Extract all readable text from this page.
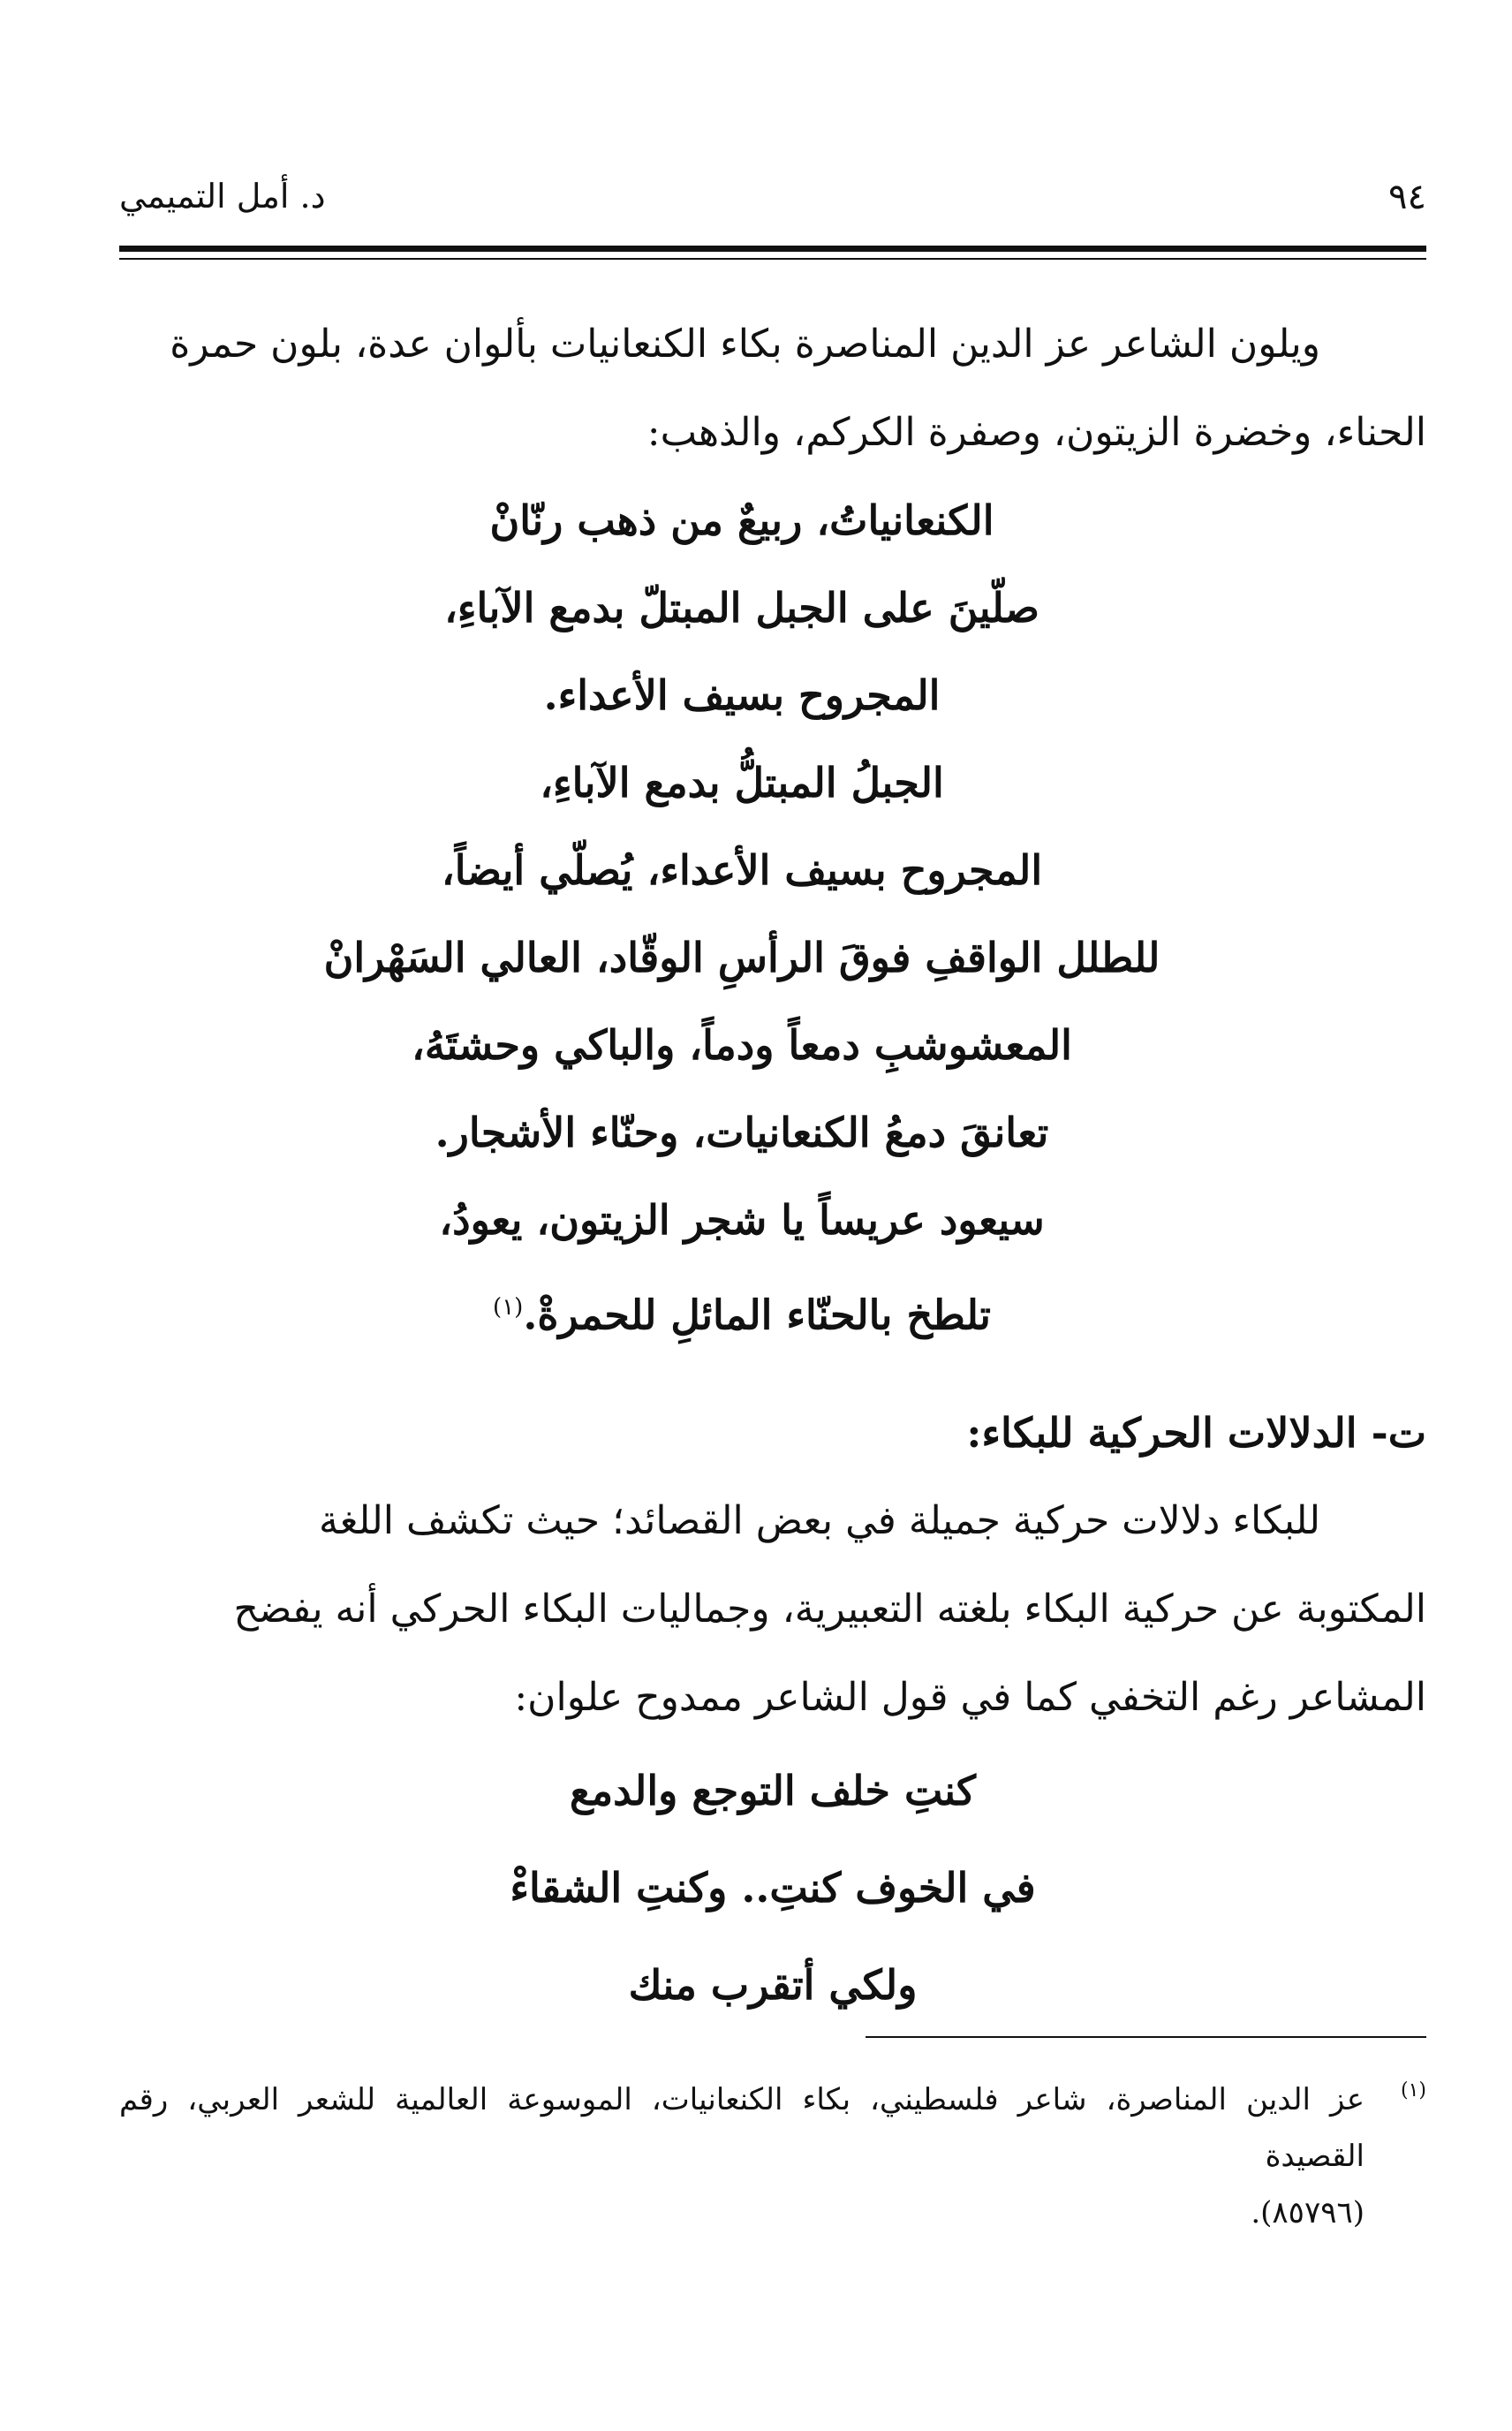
٩٤
د. أمل التميمي

ويلون الشاعر عز الدين المناصرة بكاء الكنعانيات بألوان عدة، بلون حمرة

الحناء، وخضرة الزيتون، وصفرة الكركم، والذهب:

الكنعانياتُ، ربيعٌ من ذهب رنّانْ
صلّينَ على الجبل المبتلّ بدمع الآباءِ،
المجروح بسيف الأعداء.
الجبلُ المبتلُّ بدمع الآباءِ،
المجروح بسيف الأعداء، يُصلّي أيضاً،
للطلل الواقفِ فوقَ الرأسِ الوقّاد، العالي السَهْرانْ
المعشوشبِ دمعاً ودماً، والباكي وحشتَهُ،
تعانقَ دمعُ الكنعانيات، وحنّاء الأشجار.
سيعود عريساً يا شجر الزيتون، يعودُ،
تلطخ بالحنّاء المائلِ للحمرةْ.$^{(١)}$
ت- الدلالات الحركية للبكاء:

للبكاء دلالات حركية جميلة في بعض القصائد؛ حيث تكشف اللغة

المكتوبة عن حركية البكاء بلغته التعبيرية، وجماليات البكاء الحركي أنه يفضح

المشاعر رغم التخفي كما في قول الشاعر ممدوح علوان:

كنتِ خلف التوجع والدمع
في الخوف كنتِ.. وكنتِ الشقاءْ
ولكي أتقرب منك
(١)

عز الدين المناصرة، شاعر فلسطيني، بكاء الكنعانيات، الموسوعة العالمية للشعر العربي، رقم القصيدة

(٨٥٧٩٦).
